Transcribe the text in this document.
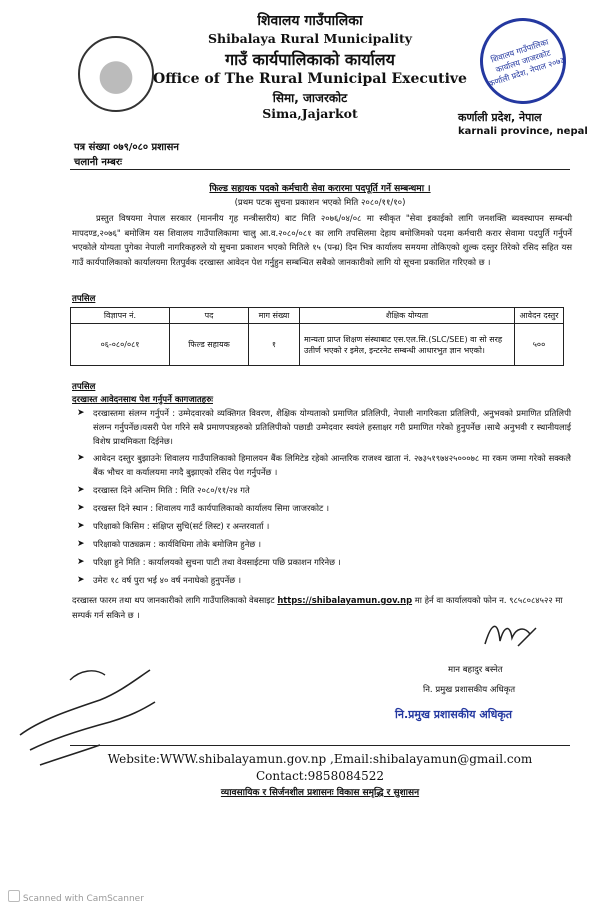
शिवालय गाउँपालिका कार्यालय जाजरकोट कर्णाली प्रदेश, नेपाल २०७३
शिवालय गाउँपालिका
Shibalaya Rural Municipality
गाउँ कार्यपालिकाको कार्यालय
Office of The Rural Municipal Executive
सिमा, जाजरकोट
Sima,Jajarkot	कर्णाली प्रदेश, नेपाल
karnali province, nepal
पत्र संख्या ०७९/०८० प्रशासन
चलानी नम्बरः
फिल्ड सहायक पदको कर्मचारी सेवा करारमा पदपूर्ति गर्ने सम्बन्धमा ।
(प्रथम पटक सुचना प्रकाशन भएको मिति २०८०/११/१०)
प्रस्तुत विषयमा नेपाल सरकार (माननीय गृह मन्त्रीस्तरीय) बाट मिति २०७६/०४/०८ मा स्वीकृत "सेवा इकाईको लागि जनशक्ति ब्यवस्थापन सम्बन्धी मापदण्ड,२०७६" बमोजिम यस शिवालय गाउँपालिकामा चालु आ.व.२०८०/०८१ का लागि तपसिलमा देहाय बमोजिमको पदमा कर्मचारी करार सेवामा पदपुर्ति गर्नुपर्ने भएकोले योग्यता पुगेका नेपाली नागरिकहरुले यो सुचना प्रकाशन भएको मितिले १५ (पन्ध्र) दिन भित्र कार्यालय समयमा तोकिएको शुल्क दस्तुर तिरेको रसिद सहित यस गाउँ कार्यपालिकाको कार्यालयमा रितपुर्वक दरखास्त आवेदन पेश गर्नुहुन सम्बन्धित सबैको जानकारीको लागि यो सूचना प्रकाशित गरिएको छ ।
तपसिल
विज्ञापन नं.	पद	माग संख्या	शैक्षिक योग्यता	आवेदन दस्तुर
०६-०८०/०८१	फिल्ड सहायक	१	मान्यता प्राप्त शिक्षण संस्थाबाट एस.एल.सि.(SLC/SEE) वा सो सरह उतीर्ण भएको र इमेल, इन्टरनेट सम्बन्धी आधारभुत ज्ञान भएको।	५००
तपसिल
दरखास्त आवेदनसाथ पेश गर्नुपर्ने कागजातहरुः
➤ दरखास्तमा संलग्न गर्नुपर्ने : उम्मेदवारको व्यक्तिगत विवरण, शैक्षिक योग्यताको प्रमाणित प्रतिलिपी, नेपाली नागरिकता प्रतिलिपी, अनुभवको प्रमाणित प्रतिलिपी संलग्न गर्नुपर्नेछ।यसरी पेश गरिने सबै प्रमाणपत्रहरुको प्रतिलिपीको पछाडी उम्मेदवार स्वयंले हस्ताक्षर गरी प्रमाणित गरेको हुनुपर्नेछ ।साथै अनुभवी र स्थानीयलाई विशेष प्राथमिकता दिईनेछ।
➤ आवेदन दस्तुर बुझाउनेः शिवालय गाउँपालिकाको हिमालयन बैंक लिमिटेड रहेको आन्तरिक राजश्व खाता नं. २७३५१९७४२५०००७८ मा रकम जम्मा गरेको सक्कलै बैंक भौचर वा कर्यालयमा नगदै बुझाएको रसिद पेश गर्नुपर्नेछ ।
➤ दरखास्त दिने अन्तिम मिति : मिति २०८०/११/२४ गते
➤ दरखस्त दिने स्थान : शिवालय गाउँ कार्यपालिकाको कार्यालय सिमा जाजरकोट ।
➤ परिक्षाको किसिम : संक्षिप्त सुचि(सर्ट लिस्ट) र अन्तरवार्ता ।
➤ परिक्षाको पाठ्यक्रम : कार्यविधिमा तोके बमोजिम हुनेछ ।
➤ परिक्षा हुने मिति : कार्यालयको सुचना पाटी तथा वेवसाईटमा पछि प्रकाशन गरिनेछ ।
➤ उमेरः १८ वर्ष पुरा भई ४० वर्ष ननाघेको हुनुपर्नेछ ।
दरखास्त फारम तथा थप जानकारीको लागि गाउँपालिकाको वेबसाइट https://shibalayamun.gov.np मा हेर्न वा कार्यालयको फोन न. ९८५८०८४५२२ मा सम्पर्क गर्न सकिने छ ।
मान बहादुर बस्नेत
नि. प्रमुख प्रशासकीय अधिकृत
नि.प्रमुख प्रशासकीय अधिकृत
Website:WWW.shibalayamun.gov.np ,Email:shibalayamun@gmail.com
Contact:9858084522
व्यावसायिक र सिर्जनशील प्रशासनः विकास समृद्धि र सुशासन
Scanned with CamScanner
